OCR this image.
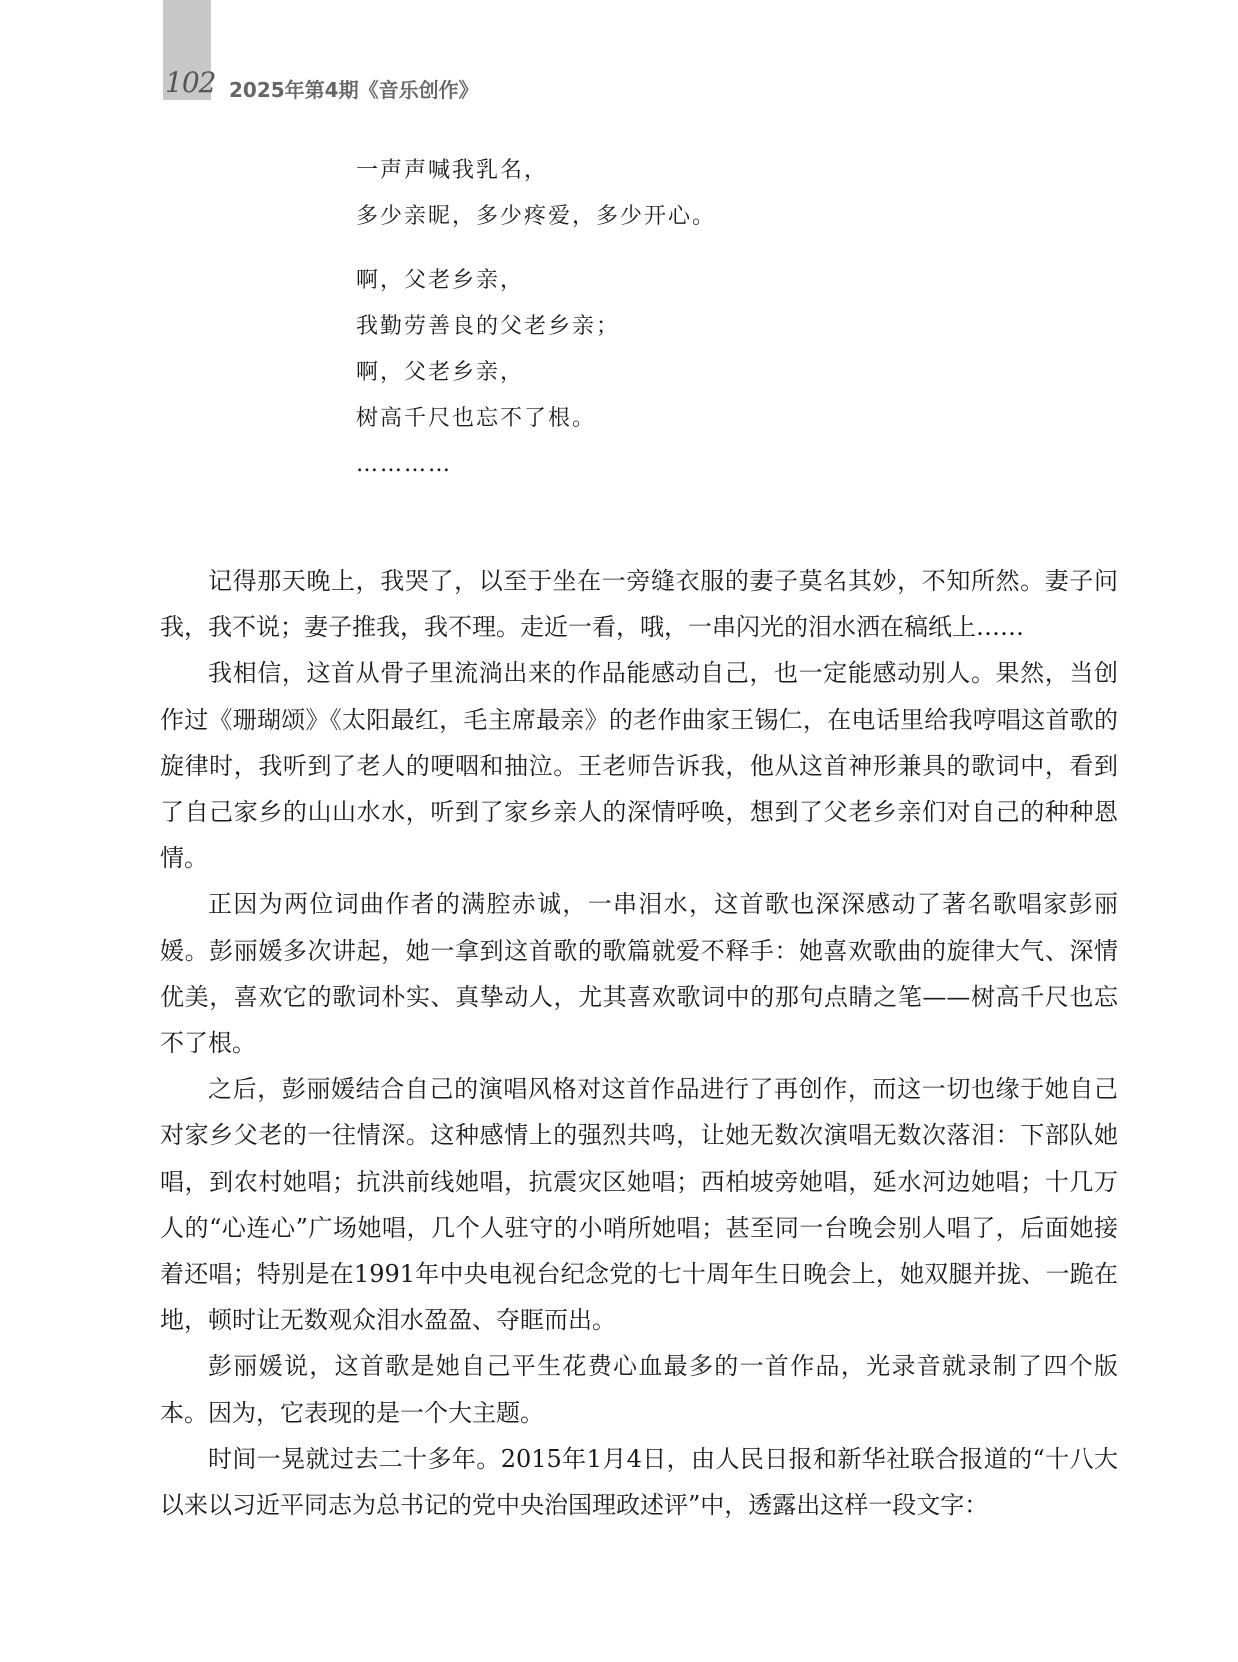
102 2025年第4期《音乐创作》
一声声喊我乳名，
多少亲昵，多少疼爱，多少开心。
啊，父老乡亲，
我勤劳善良的父老乡亲；
啊，父老乡亲，
树高千尺也忘不了根。
…………

记得那天晚上，我哭了，以至于坐在一旁缝衣服的妻子莫名其妙，不知所然。妻子问我，我不说；妻子推我，我不理。走近一看，哦，一串闪光的泪水洒在稿纸上……

我相信，这首从骨子里流淌出来的作品能感动自己，也一定能感动别人。果然，当创作过《珊瑚颂》《太阳最红，毛主席最亲》的老作曲家王锡仁，在电话里给我哼唱这首歌的旋律时，我听到了老人的哽咽和抽泣。王老师告诉我，他从这首神形兼具的歌词中，看到了自己家乡的山山水水，听到了家乡亲人的深情呼唤，想到了父老乡亲们对自己的种种恩情。

正因为两位词曲作者的满腔赤诚，一串泪水，这首歌也深深感动了著名歌唱家彭丽媛。彭丽媛多次讲起，她一拿到这首歌的歌篇就爱不释手：她喜欢歌曲的旋律大气、深情优美，喜欢它的歌词朴实、真挚动人，尤其喜欢歌词中的那句点睛之笔——树高千尺也忘不了根。

之后，彭丽媛结合自己的演唱风格对这首作品进行了再创作，而这一切也缘于她自己对家乡父老的一往情深。这种感情上的强烈共鸣，让她无数次演唱无数次落泪：下部队她唱，到农村她唱；抗洪前线她唱，抗震灾区她唱；西柏坡旁她唱，延水河边她唱；十几万人的“心连心”广场她唱，几个人驻守的小哨所她唱；甚至同一台晚会别人唱了，后面她接着还唱；特别是在1991年中央电视台纪念党的七十周年生日晚会上，她双腿并拢、一跪在地，顿时让无数观众泪水盈盈、夺眶而出。

彭丽媛说，这首歌是她自己平生花费心血最多的一首作品，光录音就录制了四个版本。因为，它表现的是一个大主题。

时间一晃就过去二十多年。2015年1月4日，由人民日报和新华社联合报道的“十八大以来以习近平同志为总书记的党中央治国理政述评”中，透露出这样一段文字：
